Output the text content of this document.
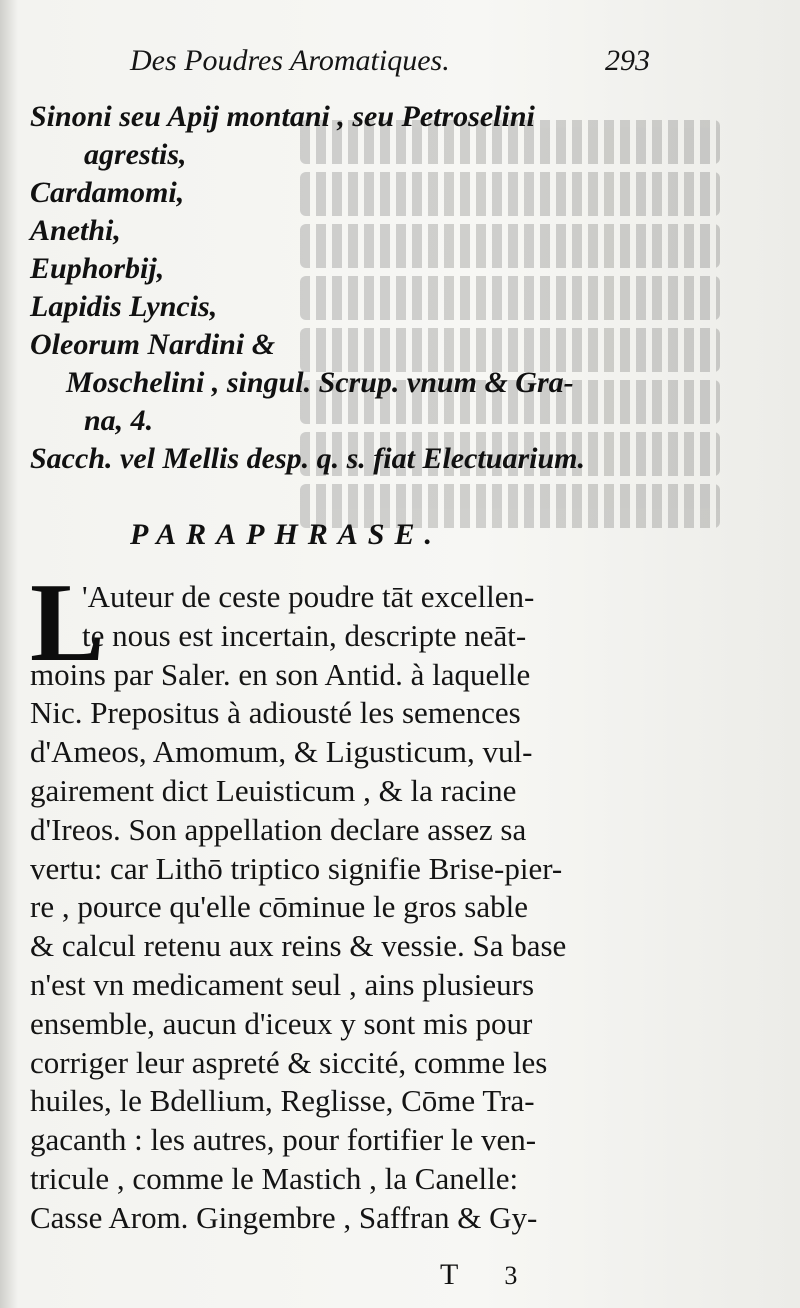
Des Poudres Aromatiques.	293
Sinoni seu Apij montani , seu Petroselini
agrestis,
Cardamomi,
Anethi,
Euphorbij,
Lapidis Lyncis,
Oleorum Nardini &
Moschelini , singul. Scrup. vnum & Gra-
na, 4.
Sacch. vel Mellis desp. q. s. fiat Electuarium.
PARAPHRASE.
L
'Auteur de ceste poudre tāt excellen-
te nous est incertain, descripte neāt-
moins par Saler. en son Antid. à laquelle
Nic. Prepositus à adiousté les semences
d'Ameos, Amomum, & Ligusticum, vul-
gairement dict Leuisticum , & la racine
d'Ireos. Son appellation declare assez sa
vertu: car Lithō triptico signifie Brise-pier-
re , pource qu'elle cōminue le gros sable
& calcul retenu aux reins & vessie. Sa base
n'est vn medicament seul , ains plusieurs
ensemble, aucun d'iceux y sont mis pour
corriger leur aspreté & siccité, comme les
huiles, le Bdellium, Reglisse, Cōme Tra-
gacanth : les autres, pour fortifier le ven-
tricule , comme le Mastich , la Canelle:
Casse Arom. Gingembre , Saffran & Gy-
T 3
